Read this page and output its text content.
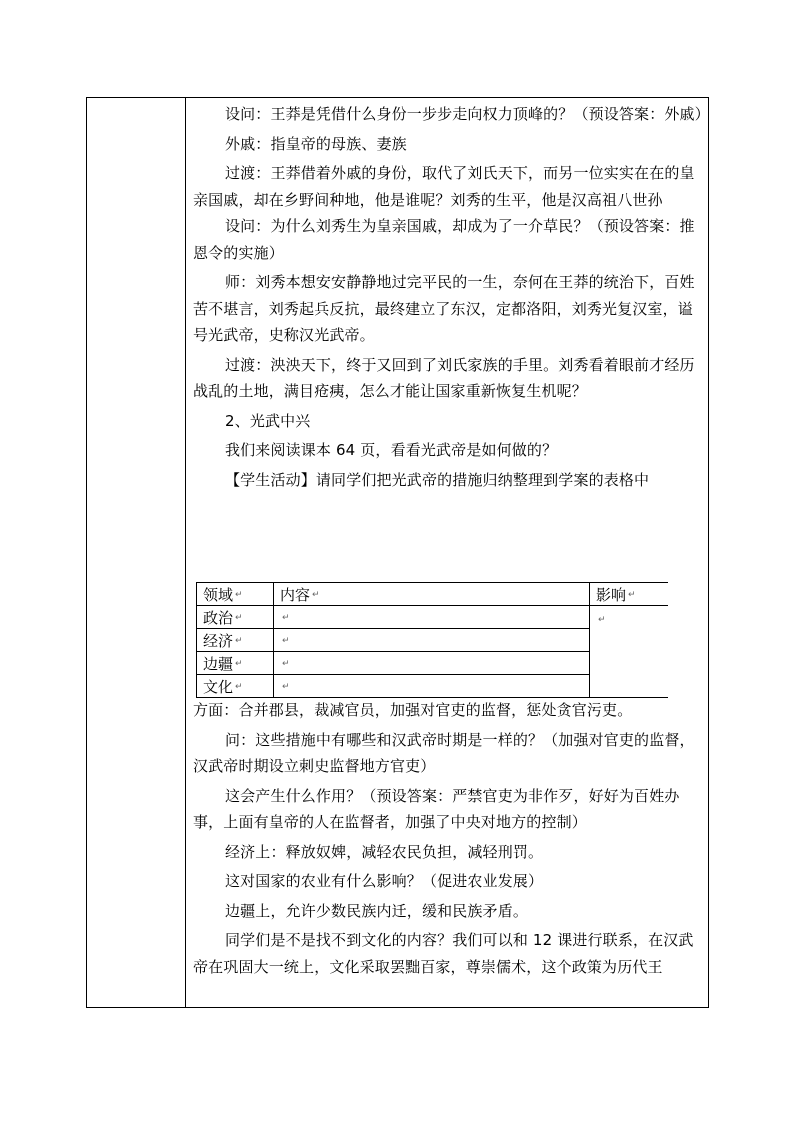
设问：王莽是凭借什么身份一步步走向权力顶峰的？（预设答案：外戚）

外戚：指皇帝的母族、妻族

过渡：王莽借着外戚的身份，取代了刘氏天下，而另一位实实在在的皇亲国戚，却在乡野间种地，他是谁呢？刘秀的生平，他是汉高祖八世孙

设问：为什么刘秀生为皇亲国戚，却成为了一介草民？（预设答案：推恩令的实施）

师：刘秀本想安安静静地过完平民的一生，奈何在王莽的统治下，百姓苦不堪言，刘秀起兵反抗，最终建立了东汉，定都洛阳，刘秀光复汉室，谥号光武帝，史称汉光武帝。

过渡：泱泱天下，终于又回到了刘氏家族的手里。刘秀看着眼前才经历战乱的土地，满目疮痍，怎么才能让国家重新恢复生机呢？

2、光武中兴

我们来阅读课本 64 页，看看光武帝是如何做的？

【学生活动】请同学们把光武帝的措施归纳整理到学案的表格中

领域 ↵	内容 ↵	影响 ↵
政治 ↵	↵	↵
经济 ↵	↵	
边疆 ↵	↵	
文化 ↵	↵	

方面：合并郡县，裁减官员，加强对官吏的监督，惩处贪官污吏。

问：这些措施中有哪些和汉武帝时期是一样的？（加强对官吏的监督，汉武帝时期设立刺史监督地方官吏）

这会产生什么作用？（预设答案：严禁官吏为非作歹，好好为百姓办事，上面有皇帝的人在监督者，加强了中央对地方的控制）

经济上：释放奴婢，减轻农民负担，减轻刑罚。

这对国家的农业有什么影响？（促进农业发展）

边疆上，允许少数民族内迁，缓和民族矛盾。

同学们是不是找不到文化的内容？我们可以和 12 课进行联系，在汉武帝在巩固大一统上，文化采取罢黜百家，尊崇儒术，这个政策为历代王
